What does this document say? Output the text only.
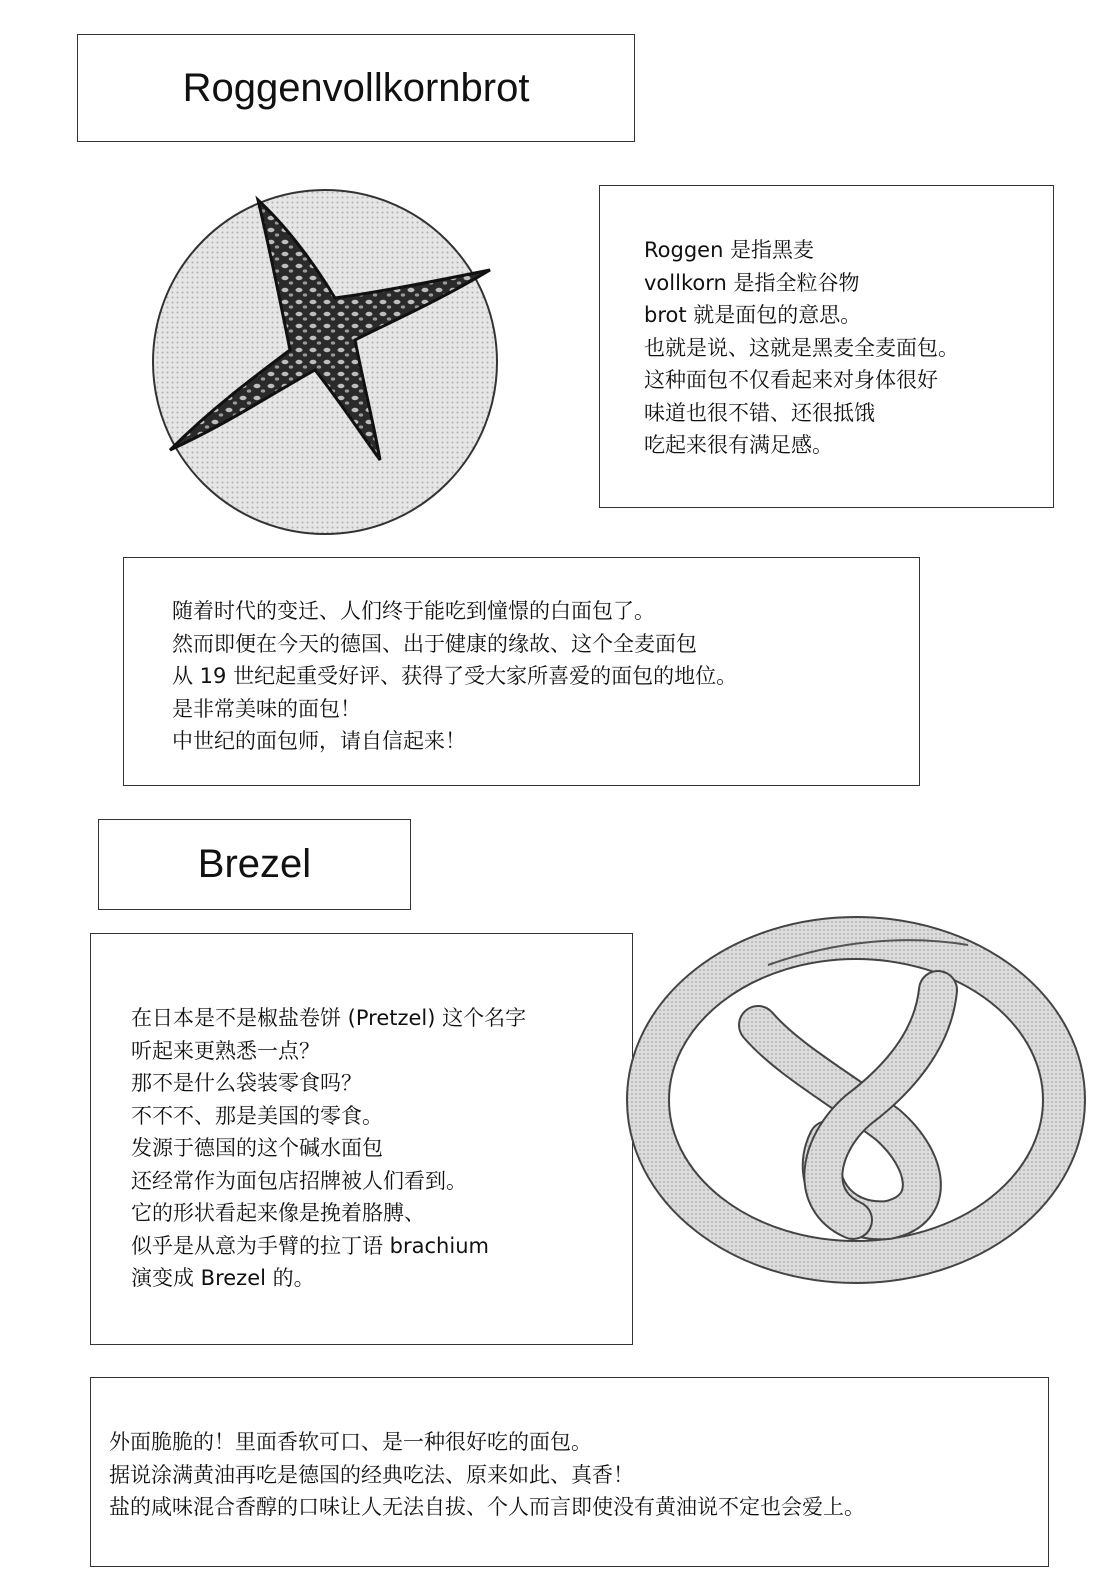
Roggenvollkornbrot
Roggen 是指黑麦
vollkorn 是指全粒谷物
brot 就是面包的意思。
也就是说、这就是黑麦全麦面包。
这种面包不仅看起来对身体很好
味道也很不错、还很抵饿
吃起来很有满足感。
随着时代的变迁、人们终于能吃到憧憬的白面包了。
然而即便在今天的德国、出于健康的缘故、这个全麦面包
从 19 世纪起重受好评、获得了受大家所喜爱的面包的地位。
是非常美味的面包！
中世纪的面包师，请自信起来！
Brezel
在日本是不是椒盐卷饼 (Pretzel) 这个名字
听起来更熟悉一点？
那不是什么袋装零食吗？
不不不、那是美国的零食。
发源于德国的这个碱水面包
还经常作为面包店招牌被人们看到。
它的形状看起来像是挽着胳膊、
似乎是从意为手臂的拉丁语 brachium
演变成 Brezel 的。
外面脆脆的！里面香软可口、是一种很好吃的面包。
据说涂满黄油再吃是德国的经典吃法、原来如此、真香！
盐的咸味混合香醇的口味让人无法自拔、个人而言即使没有黄油说不定也会爱上。
